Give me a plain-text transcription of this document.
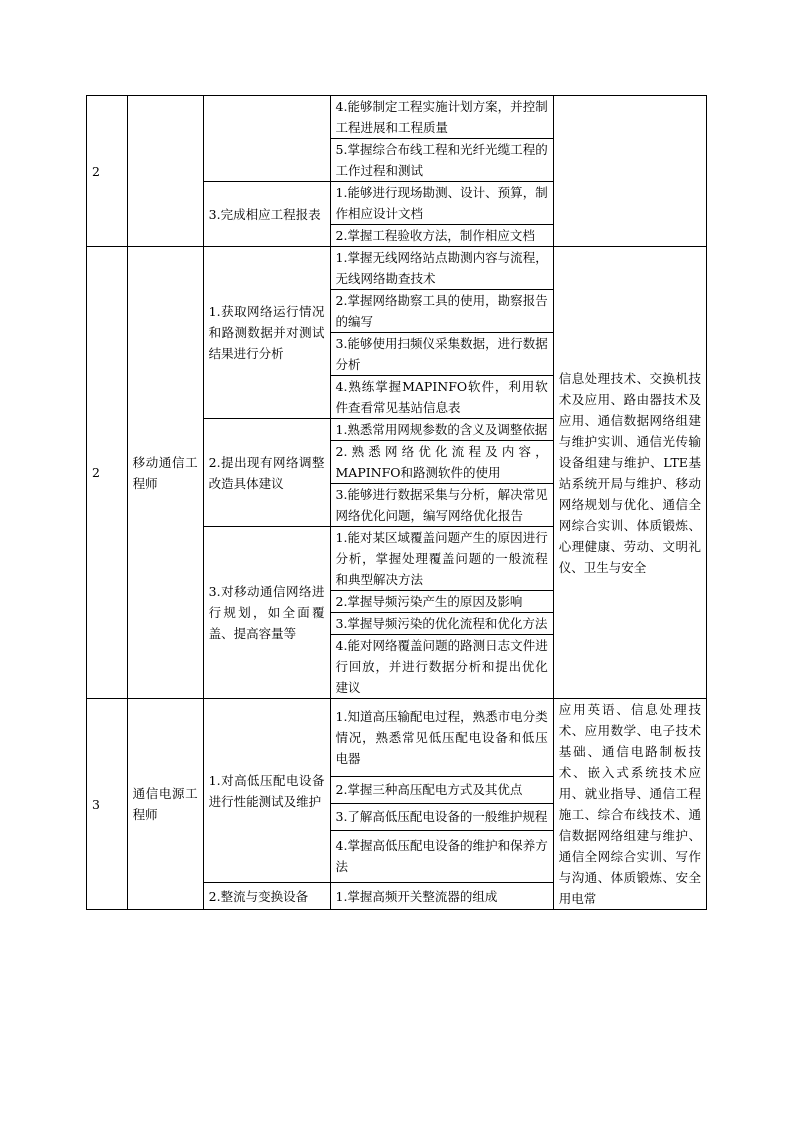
2			4.能够制定工程实施计划方案，并控制工程进展和工程质量	
			5.掌握综合布线工程和光纤光缆工程的工作过程和测试	
		3.完成相应工程报表	1.能够进行现场勘测、设计、预算，制作相应设计文档	
			2.掌握工程验收方法，制作相应文档	
2	移动通信工程师	1.获取网络运行情况和路测数据并对测试结果进行分析	1.掌握无线网络站点勘测内容与流程，无线网络勘查技术	信息处理技术、交换机技术及应用、路由器技术及应用、通信数据网络组建与维护实训、通信光传输设备组建与维护、LTE基站系统开局与维护、移动网络规划与优化、通信全网综合实训、体质锻炼、心理健康、劳动、文明礼仪、卫生与安全
			2.掌握网络勘察工具的使用，勘察报告的编写	
			3.能够使用扫频仪采集数据，进行数据分析	
			4.熟练掌握MAPINFO软件，利用软件查看常见基站信息表	
		2.提出现有网络调整改造具体建议	1.熟悉常用网规参数的含义及调整依据	
			2.熟悉网络优化流程及内容，MAPINFO和路测软件的使用	
			3.能够进行数据采集与分析，解决常见网络优化问题，编写网络优化报告	
		3.对移动通信网络进行规划，如全面覆盖、提高容量等	1.能对某区域覆盖问题产生的原因进行分析，掌握处理覆盖问题的一般流程和典型解决方法	
			2.掌握导频污染产生的原因及影响	
			3.掌握导频污染的优化流程和优化方法	
			4.能对网络覆盖问题的路测日志文件进行回放，并进行数据分析和提出优化建议	
3	通信电源工程师	1.对高低压配电设备进行性能测试及维护	1.知道高压输配电过程，熟悉市电分类情况，熟悉常见低压配电设备和低压电器	应用英语、信息处理技术、应用数学、电子技术基础、通信电路制板技术、嵌入式系统技术应用、就业指导、通信工程施工、综合布线技术、通信数据网络组建与维护、通信全网综合实训、写作与沟通、体质锻炼、安全用电常
			2.掌握三种高压配电方式及其优点	
			3.了解高低压配电设备的一般维护规程	
			4.掌握高低压配电设备的维护和保养方法	
		2.整流与变换设备	1.掌握高频开关整流器的组成	
